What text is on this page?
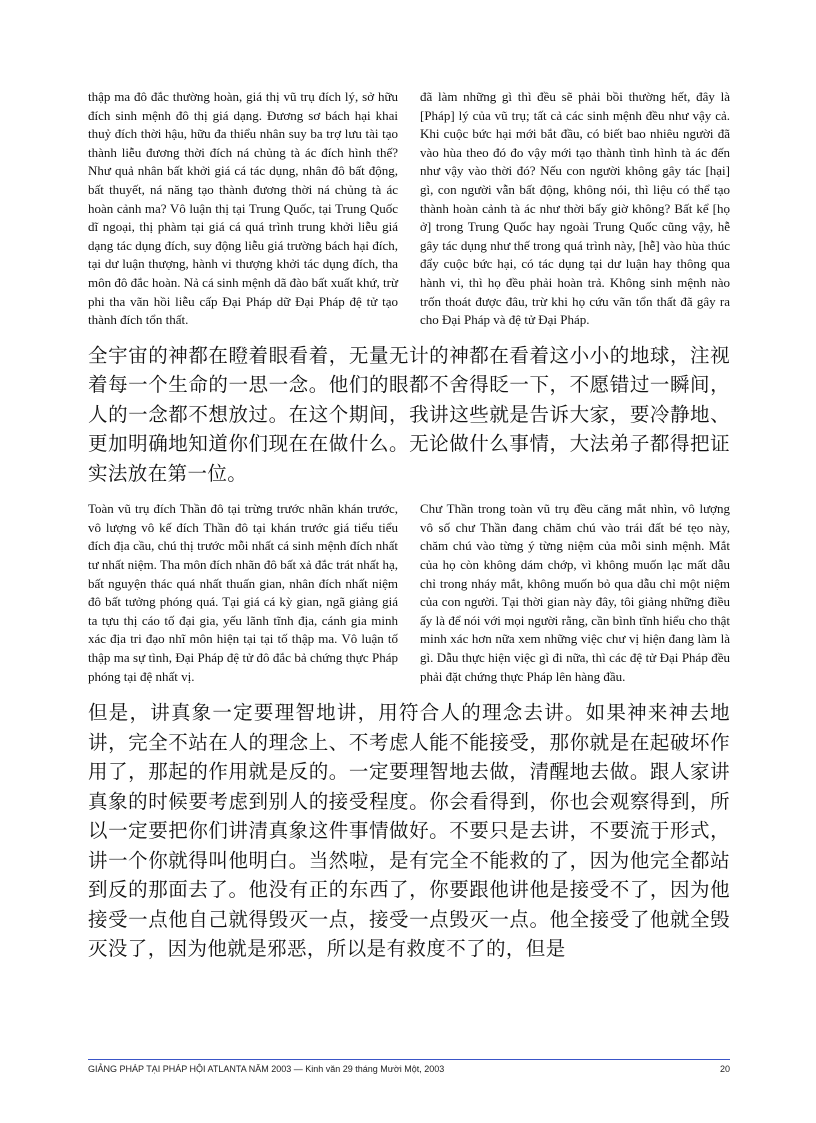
thập ma đô đắc thường hoàn, giá thị vũ trụ đích lý, sở hữu đích sinh mệnh đô thị giá dạng. Đương sơ bách hại khai thuỷ đích thời hậu, hữu đa thiểu nhân suy ba trợ lưu tài tạo thành liễu đương thời đích ná chủng tà ác đích hình thế? Như quả nhân bất khởi giá cá tác dụng, nhân đô bất động, bất thuyết, ná năng tạo thành đương thời ná chủng tà ác hoàn cảnh ma? Vô luận thị tại Trung Quốc, tại Trung Quốc dĩ ngoại, thị phàm tại giá cá quá trình trung khởi liễu giá dạng tác dụng đích, suy động liễu giá trường bách hại đích, tại dư luận thượng, hành vi thượng khởi tác dụng đích, tha môn đô đắc hoàn. Nả cá sinh mệnh dã đào bất xuất khứ, trừ phi tha vãn hồi liễu cấp Đại Pháp dữ Đại Pháp đệ tử tạo thành đích tổn thất.
đã làm những gì thì đều sẽ phải bồi thường hết, đây là [Pháp] lý của vũ trụ; tất cả các sinh mệnh đều như vậy cả. Khi cuộc bức hại mới bắt đầu, có biết bao nhiêu người đã vào hùa theo đó đo vậy mới tạo thành tình hình tà ác đến như vậy vào thời đó? Nếu con người không gây tác [hại] gì, con người vẫn bất động, không nói, thì liệu có thể tạo thành hoàn cảnh tà ác như thời bấy giờ không? Bất kể [họ ở] trong Trung Quốc hay ngoài Trung Quốc cũng vậy, hễ gây tác dụng như thế trong quá trình này, [hễ] vào hùa thúc đẩy cuộc bức hại, có tác dụng tại dư luận hay thông qua hành vi, thì họ đều phải hoàn trả. Không sinh mệnh nào trốn thoát được đâu, trừ khi họ cứu vãn tổn thất đã gây ra cho Đại Pháp và đệ tử Đại Pháp.
全宇宙的神都在瞪着眼看着，无量无计的神都在看着这小小的地球，注视着每一个生命的一思一念。他们的眼都不舍得眨一下，不愿错过一瞬间，人的一念都不想放过。在这个期间，我讲这些就是告诉大家，要冷静地、更加明确地知道你们现在在做什么。无论做什么事情，大法弟子都得把证实法放在第一位。
Toàn vũ trụ đích Thần đô tại trừng trước nhãn khán trước, vô lượng vô kế đích Thần đô tại khán trước giá tiểu tiểu đích địa cầu, chú thị trước mỗi nhất cá sinh mệnh đích nhất tư nhất niệm. Tha môn đích nhãn đô bất xả đắc trát nhất hạ, bất nguyện thác quá nhất thuấn gian, nhân đích nhất niệm đô bất tưởng phóng quá. Tại giá cá kỳ gian, ngã giảng giá ta tựu thị cáo tố đại gia, yếu lãnh tĩnh địa, cánh gia minh xác địa tri đạo nhĩ môn hiện tại tại tố thập ma. Vô luận tố thập ma sự tình, Đại Pháp đệ tử đô đắc bả chứng thực Pháp phóng tại đệ nhất vị.
Chư Thần trong toàn vũ trụ đều căng mắt nhìn, vô lượng vô số chư Thần đang chăm chú vào trái đất bé tẹo này, chăm chú vào từng ý từng niệm của mỗi sinh mệnh. Mắt của họ còn không dám chớp, vì không muốn lạc mất dẫu chỉ trong nháy mắt, không muốn bỏ qua dẫu chỉ một niệm của con người. Tại thời gian này đây, tôi giảng những điều ấy là để nói với mọi người rằng, cần bình tĩnh hiểu cho thật minh xác hơn nữa xem những việc chư vị hiện đang làm là gì. Dẫu thực hiện việc gì đi nữa, thì các đệ tử Đại Pháp đều phải đặt chứng thực Pháp lên hàng đầu.
但是，讲真象一定要理智地讲，用符合人的理念去讲。如果神来神去地讲，完全不站在人的理念上、不考虑人能不能接受，那你就是在起破坏作用了，那起的作用就是反的。一定要理智地去做，清醒地去做。跟人家讲真象的时候要考虑到别人的接受程度。你会看得到，你也会观察得到，所以一定要把你们讲清真象这件事情做好。不要只是去讲，不要流于形式，讲一个你就得叫他明白。当然啦，是有完全不能救的了，因为他完全都站到反的那面去了。他没有正的东西了，你要跟他讲他是接受不了，因为他接受一点他自己就得毁灭一点，接受一点毁灭一点。他全接受了他就全毁灭没了，因为他就是邪恶，所以是有救度不了的，但是
GIẢNG PHÁP TẠI PHÁP HỘI ATLANTA NĂM 2003 — Kinh văn 29 tháng Mười Một, 2003	20
